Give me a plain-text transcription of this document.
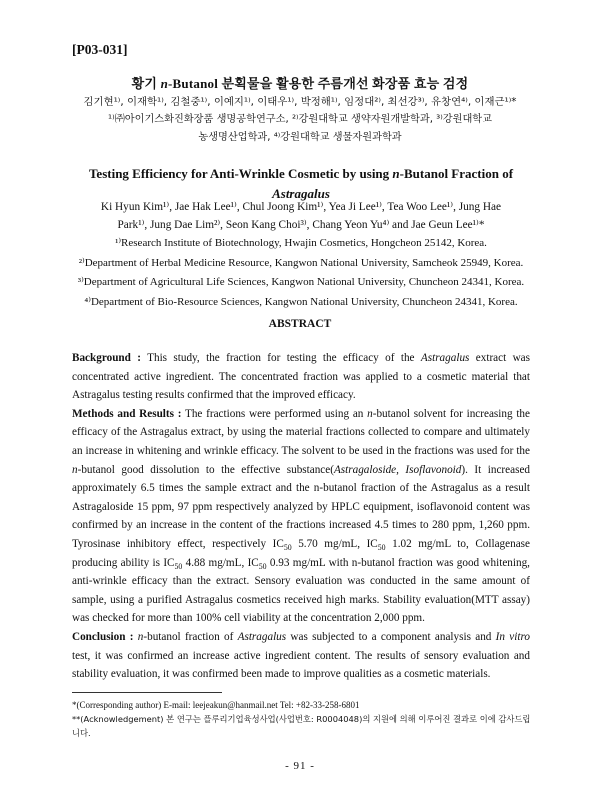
[P03-031]
황기 n-Butanol 분획물을 활용한 주름개선 화장품 효능 검정
김기현¹⁾, 이재학¹⁾, 김철중¹⁾, 이예지¹⁾, 이태우¹⁾, 박정해¹⁾, 임정대²⁾, 최선강³⁾, 유창연⁴⁾, 이재근¹⁾*
¹⁾㈜아이기스화진화장품 생명공학연구소, ²⁾강원대학교 생약자원개발학과, ³⁾강원대학교
농생명산업학과, ⁴⁾강원대학교 생물자원과학과
Testing Efficiency for Anti-Wrinkle Cosmetic by using n-Butanol Fraction of
Astragalus
Ki Hyun Kim¹⁾, Jae Hak Lee¹⁾, Chul Joong Kim¹⁾, Yea Ji Lee¹⁾, Tea Woo Lee¹⁾, Jung Hae
Park¹⁾, Jung Dae Lim²⁾, Seon Kang Choi³⁾, Chang Yeon Yu⁴⁾ and Jae Geun Lee¹⁾*
¹⁾Research Institute of Biotechnology, Hwajin Cosmetics, Hongcheon 25142, Korea.
²⁾Department of Herbal Medicine Resource, Kangwon National University, Samcheok 25949, Korea.
³⁾Department of Agricultural Life Sciences, Kangwon National University, Chuncheon 24341, Korea.
⁴⁾Department of Bio-Resource Sciences, Kangwon National University, Chuncheon 24341, Korea.
ABSTRACT

Background : This study, the fraction for testing the efficacy of the Astragalus extract was concentrated active ingredient. The concentrated fraction was applied to a cosmetic material that Astragalus testing results confirmed that the improved efficacy.

Methods and Results : The fractions were performed using an n-butanol solvent for increasing the efficacy of the Astragalus extract, by using the material fractions collected to compare and ultimately an increase in whitening and wrinkle efficacy. The solvent to be used in the fractions was used for the n-butanol good dissolution to the effective substance(Astragaloside, Isoflavonoid). It increased approximately 6.5 times the sample extract and the n-butanol fraction of the Astragalus as a result Astragaloside 15 ppm, 97 ppm respectively analyzed by HPLC equipment, isoflavonoid content was confirmed by an increase in the content of the fractions increased 4.5 times to 280 ppm, 1,260 ppm. Tyrosinase inhibitory effect, respectively $IC_{50}$ 5.70 mg/mL, $IC_{50}$ 1.02 mg/mL to, Collagenase producing ability is $IC_{50}$ 4.88 mg/mL, $IC_{50}$ 0.93 mg/mL with n-butanol fraction was good whitening, anti-wrinkle efficacy than the extract. Sensory evaluation was conducted in the same amount of sample, using a purified Astragalus cosmetics received high marks. Stability evaluation(MTT assay) was checked for more than 100% cell viability at the concentration 2,000 ppm.

Conclusion : n-butanol fraction of Astragalus was subjected to a component analysis and In vitro test, it was confirmed an increase active ingredient content. The results of sensory evaluation and stability evaluation, it was confirmed been made to improve qualities as a cosmetic materials.

*(Corresponding author) E-mail: leejeakun@hanmail.net Tel: +82-33-258-6801
**(Acknowledgement) 본 연구는 플루리기업육성사업(사업번호: R0004048)의 지원에 의해 이루어진 결과로 이에 감사드립니다.
- 91 -
